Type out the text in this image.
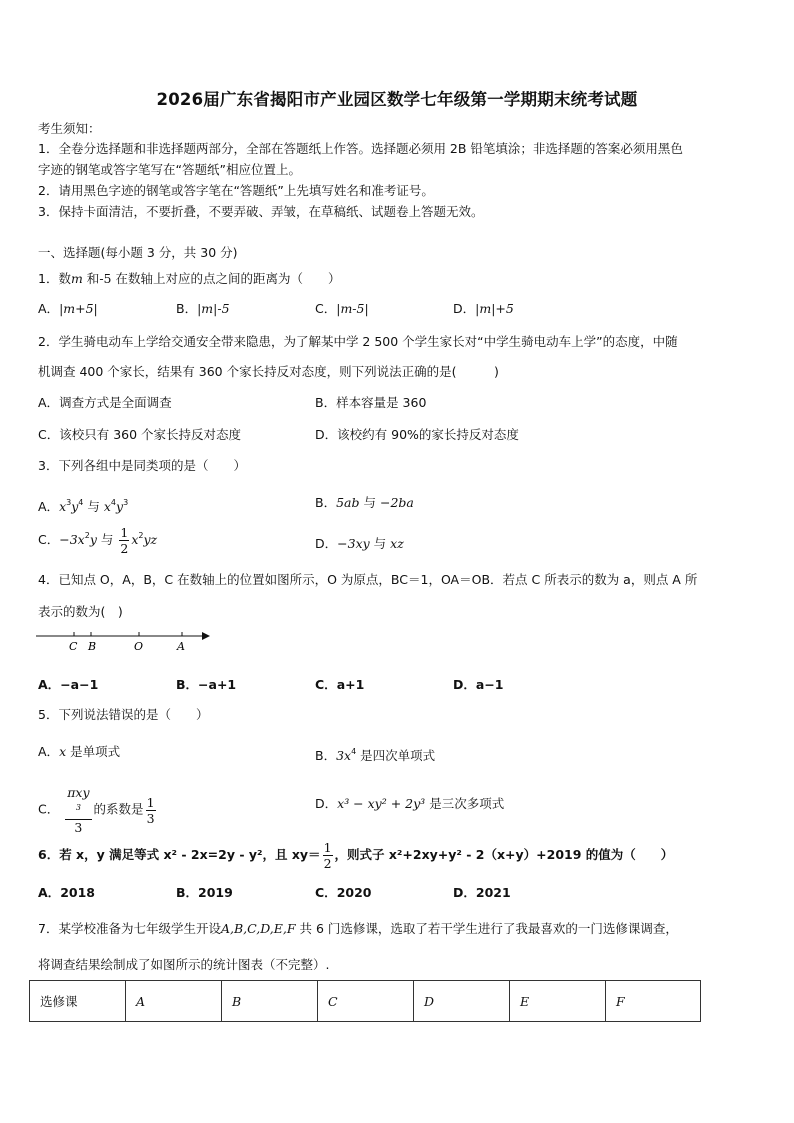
2026届广东省揭阳市产业园区数学七年级第一学期期末统考试题
考生须知：
1．全卷分选择题和非选择题两部分，全部在答题纸上作答。选择题必须用 2B 铅笔填涂；非选择题的答案必须用黑色
字迹的钢笔或答字笔写在“答题纸”相应位置上。
2．请用黑色字迹的钢笔或答字笔在“答题纸”上先填写姓名和准考证号。
3．保持卡面清洁，不要折叠，不要弄破、弄皱，在草稿纸、试题卷上答题无效。
一、选择题(每小题 3 分，共 30 分)
1．数m 和-5 在数轴上对应的点之间的距离为（　　）
A．|m+5|	B．|m|-5	C．|m-5|	D．|m|+5
2．学生骑电动车上学给交通安全带来隐患，为了解某中学 2 500 个学生家长对“中学生骑电动车上学”的态度，中随
机调查 400 个家长，结果有 360 个家长持反对态度，则下列说法正确的是(　　　)
A．调查方式是全面调查	B．样本容量是 360
C．该校只有 360 个家长持反对态度	D．该校约有 90%的家长持反对态度
3．下列各组中是同类项的是（　　）
A．$x^3y^4$ 与 $x^4y^3$	B．5ab 与 −2ba
C．$-3x^2y$ 与 $\frac{1}{2} x^2yz$	D．−3xy 与 xz
4．已知点 O，A，B，C 在数轴上的位置如图所示，O 为原点，BC＝1，OA＝OB．若点 C 所表示的数为 a，则点 A 所
表示的数为(　)
C B	O	A
A．−a−1	B．−a+1	C．a+1	D．a−1
5．下列说法错误的是（　　）
A．x 是单项式	B．$3x^4$ 是四次单项式
C． πxy
$^3$
3 的系数是 $\frac{1}{3}$	D．x³ − xy² + 2y³ 是三次多项式
6．若 x，y 满足等式 x² - 2x=2y - y²，且 $xy= \frac{1}{2}$ ，则式子 x²+2xy+y² - 2（x+y）+2019 的值为（　　）
A．2018	B．2019	C．2020	D．2021
7．某学校准备为七年级学生开设A,B,C,D,E,F 共 6 门选修课，选取了若干学生进行了我最喜欢的一门选修课调查，
将调查结果绘制成了如图所示的统计图表（不完整）.
选修课	A	B	C	D	E	F
